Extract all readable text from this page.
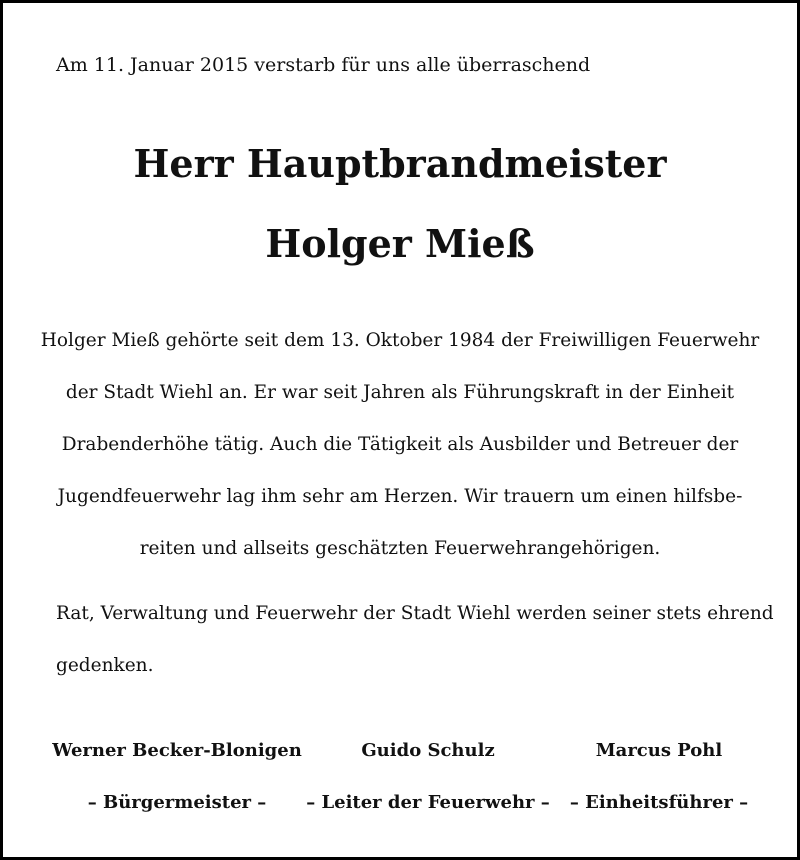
Am 11. Januar 2015 verstarb für uns alle überraschend
Herr Hauptbrandmeister
Holger Mieß
Holger Mieß gehörte seit dem 13. Oktober 1984 der Freiwilligen Feuerwehr
der Stadt Wiehl an. Er war seit Jahren als Führungskraft in der Einheit
Drabenderhöhe tätig. Auch die Tätigkeit als Ausbilder und Betreuer der
Jugendfeuerwehr lag ihm sehr am Herzen. Wir trauern um einen hilfsbe-
reiten und allseits geschätzten Feuerwehrangehörigen.
Rat, Verwaltung und Feuerwehr der Stadt Wiehl werden seiner stets ehrend
gedenken.
Werner Becker-Blonigen
– Bürgermeister –
Guido Schulz
– Leiter der Feuerwehr –
Marcus Pohl
– Einheitsführer –
